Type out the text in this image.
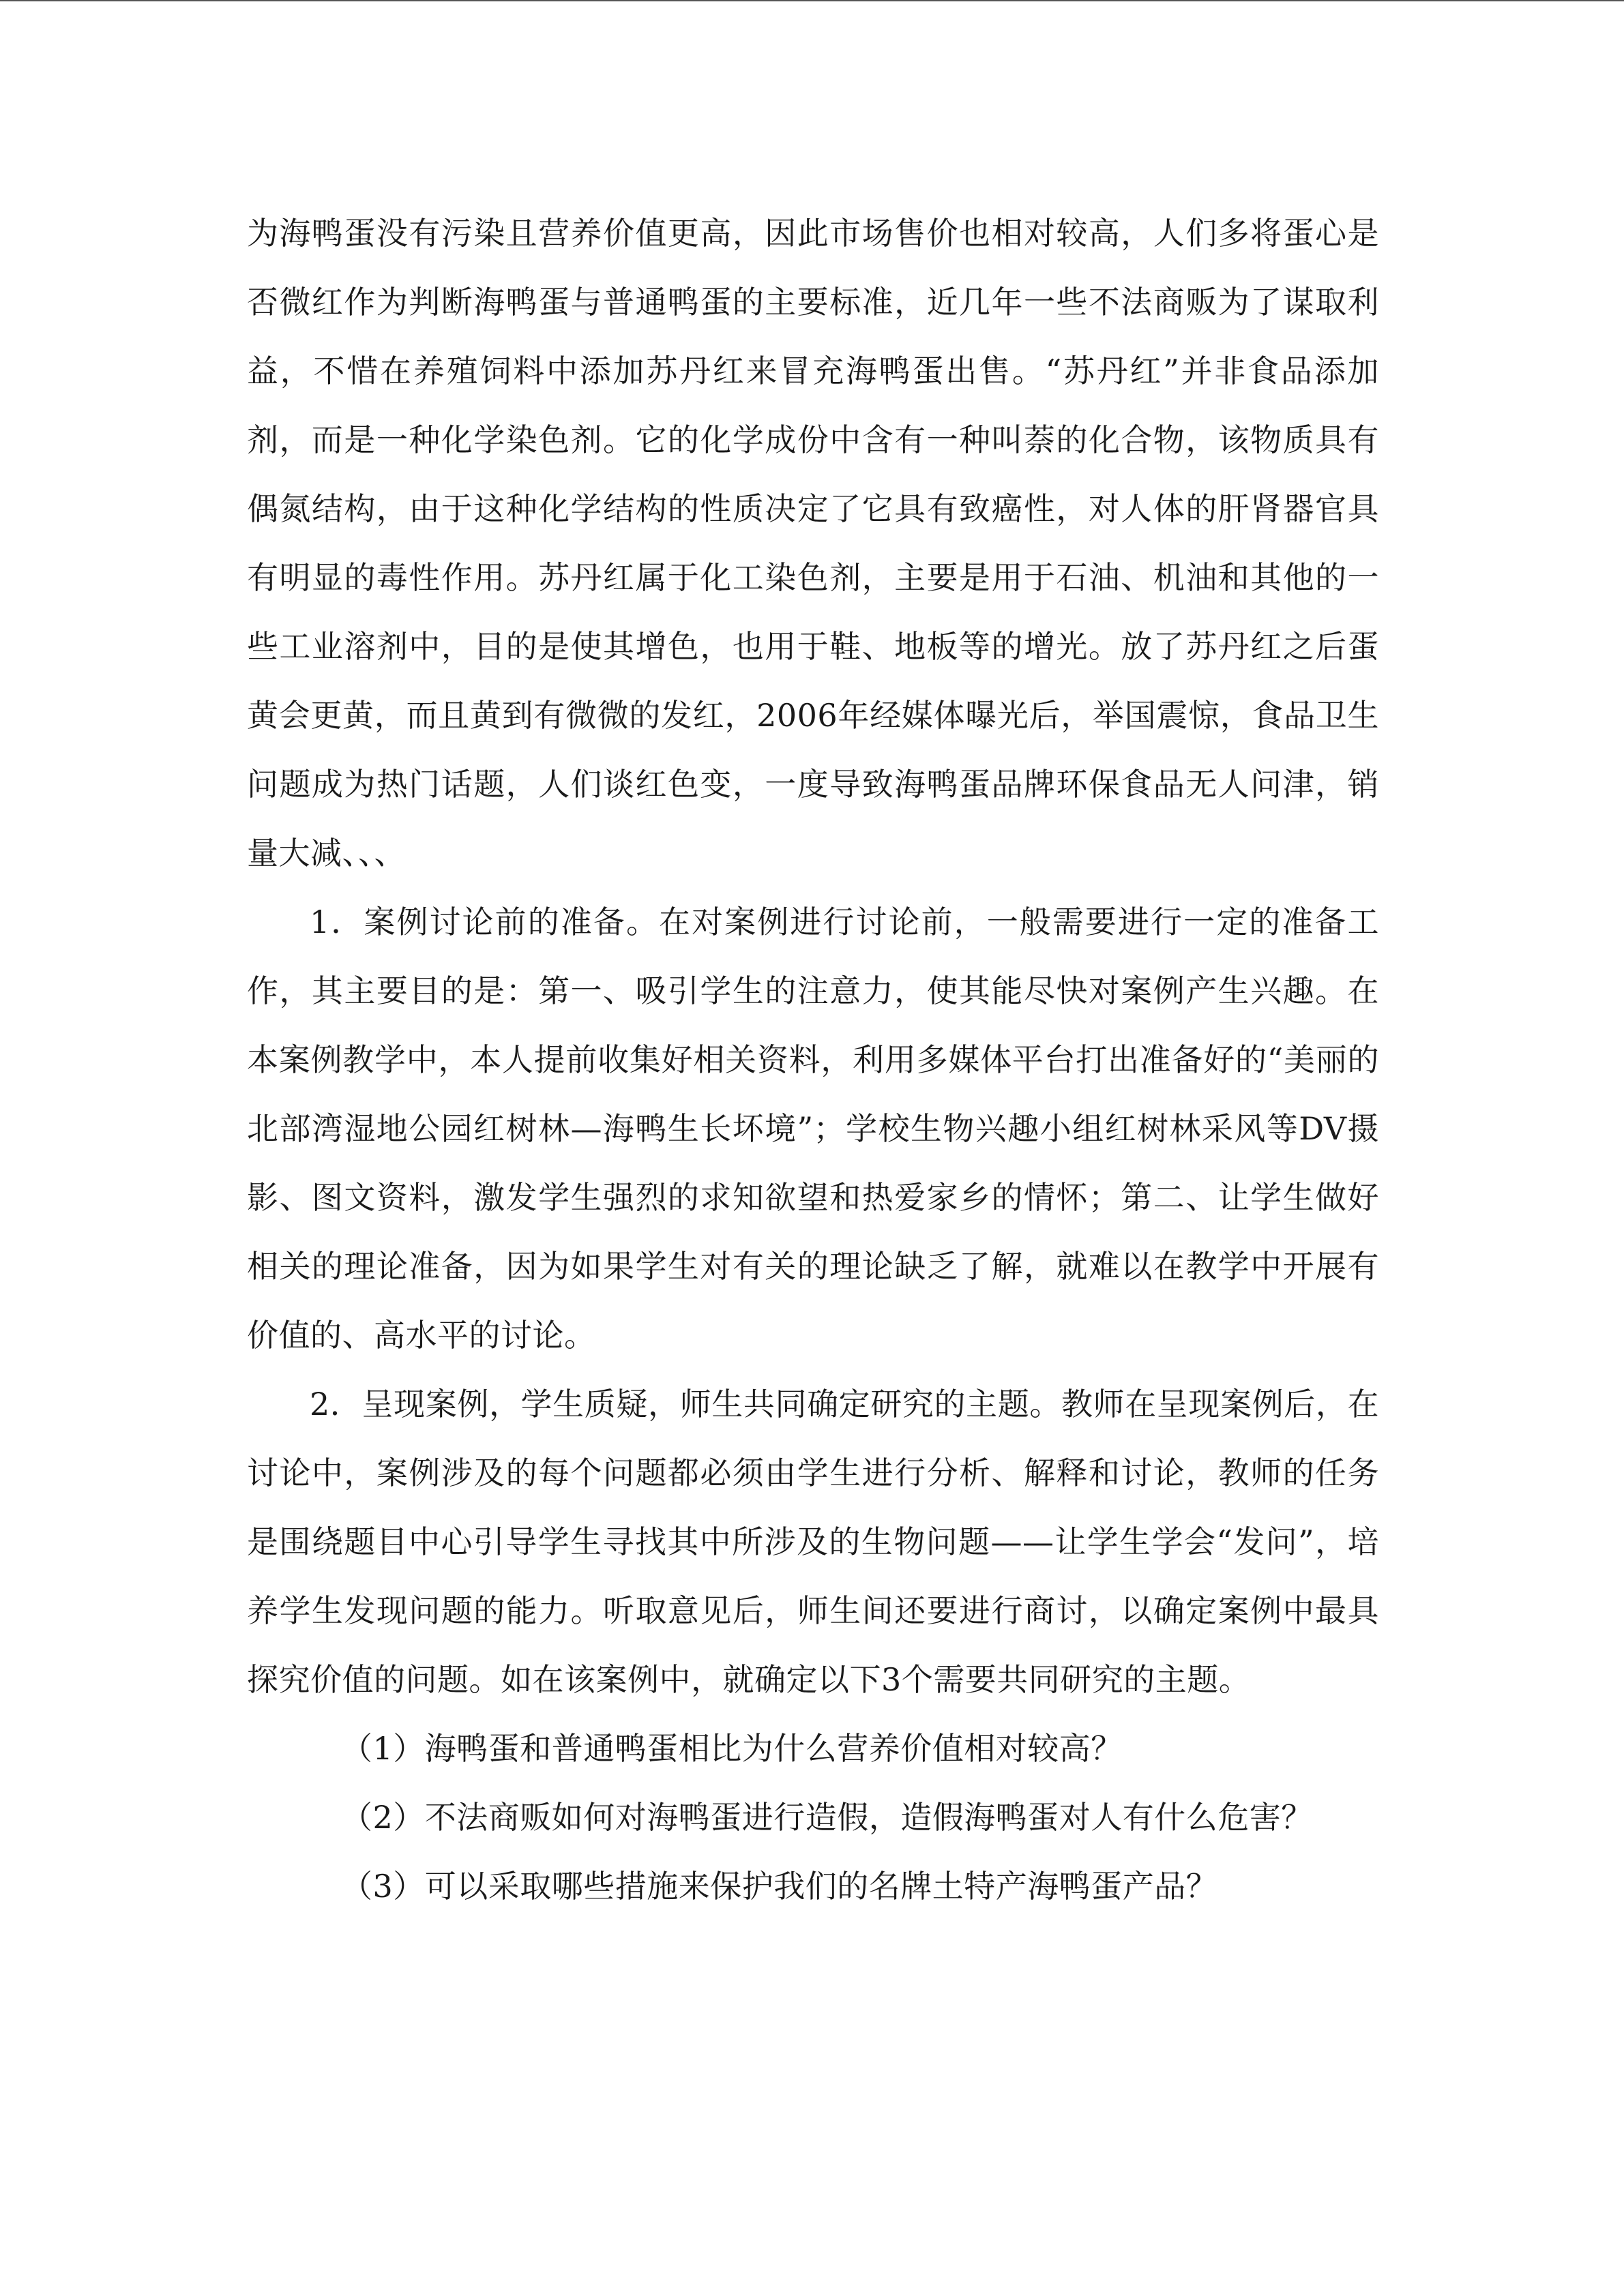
为海鸭蛋没有污染且营养价值更高，因此市场售价也相对较高，人们多将蛋心是否微红作为判断海鸭蛋与普通鸭蛋的主要标准，近几年一些不法商贩为了谋取利益，不惜在养殖饲料中添加苏丹红来冒充海鸭蛋出售。“苏丹红”并非食品添加剂，而是一种化学染色剂。它的化学成份中含有一种叫萘的化合物，该物质具有偶氮结构，由于这种化学结构的性质决定了它具有致癌性，对人体的肝肾器官具有明显的毒性作用。苏丹红属于化工染色剂，主要是用于石油、机油和其他的一些工业溶剂中，目的是使其增色，也用于鞋、地板等的增光。放了苏丹红之后蛋黄会更黄，而且黄到有微微的发红，2006年经媒体曝光后，举国震惊，食品卫生问题成为热门话题，人们谈红色变，一度导致海鸭蛋品牌环保食品无人问津，销量大减、、、

1．案例讨论前的准备。在对案例进行讨论前，一般需要进行一定的准备工作，其主要目的是：第一、吸引学生的注意力，使其能尽快对案例产生兴趣。在本案例教学中，本人提前收集好相关资料，利用多媒体平台打出准备好的“美丽的北部湾湿地公园红树林—海鸭生长坏境”；学校生物兴趣小组红树林采风等DV摄影、图文资料，激发学生强烈的求知欲望和热爱家乡的情怀；第二、让学生做好相关的理论准备，因为如果学生对有关的理论缺乏了解，就难以在教学中开展有价值的、高水平的讨论。

2．呈现案例，学生质疑，师生共同确定研究的主题。教师在呈现案例后，在讨论中，案例涉及的每个问题都必须由学生进行分析、解释和讨论，教师的任务是围绕题目中心引导学生寻找其中所涉及的生物问题——让学生学会“发问”，培养学生发现问题的能力。听取意见后，师生间还要进行商讨，以确定案例中最具探究价值的问题。如在该案例中，就确定以下3个需要共同研究的主题。

（1）海鸭蛋和普通鸭蛋相比为什么营养价值相对较高？

（2）不法商贩如何对海鸭蛋进行造假，造假海鸭蛋对人有什么危害？

（3）可以采取哪些措施来保护我们的名牌土特产海鸭蛋产品？
